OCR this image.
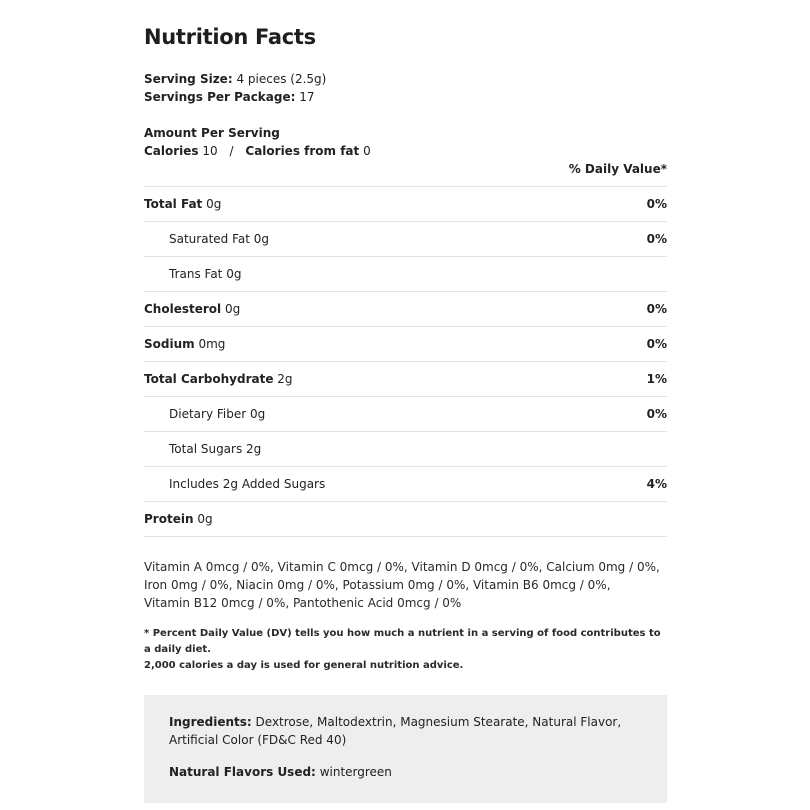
Nutrition Facts
Serving Size: 4 pieces (2.5g)
Servings Per Package: 17
Amount Per Serving
Calories 10 / Calories from fat 0
% Daily Value*
Total Fat 0g	0%
Saturated Fat 0g	0%
Trans Fat 0g
Cholesterol 0g	0%
Sodium 0mg	0%
Total Carbohydrate 2g	1%
Dietary Fiber 0g	0%
Total Sugars 2g
Includes 2g Added Sugars	4%
Protein 0g
Vitamin A 0mcg / 0%, Vitamin C 0mcg / 0%, Vitamin D 0mcg / 0%, Calcium 0mg / 0%,
Iron 0mg / 0%, Niacin 0mg / 0%, Potassium 0mg / 0%, Vitamin B6 0mcg / 0%,
Vitamin B12 0mcg / 0%, Pantothenic Acid 0mcg / 0%
* Percent Daily Value (DV) tells you how much a nutrient in a serving of food contributes to a daily diet.
2,000 calories a day is used for general nutrition advice.

Ingredients: Dextrose, Maltodextrin, Magnesium Stearate, Natural Flavor, Artificial Color (FD&C Red 40)

Natural Flavors Used: wintergreen
